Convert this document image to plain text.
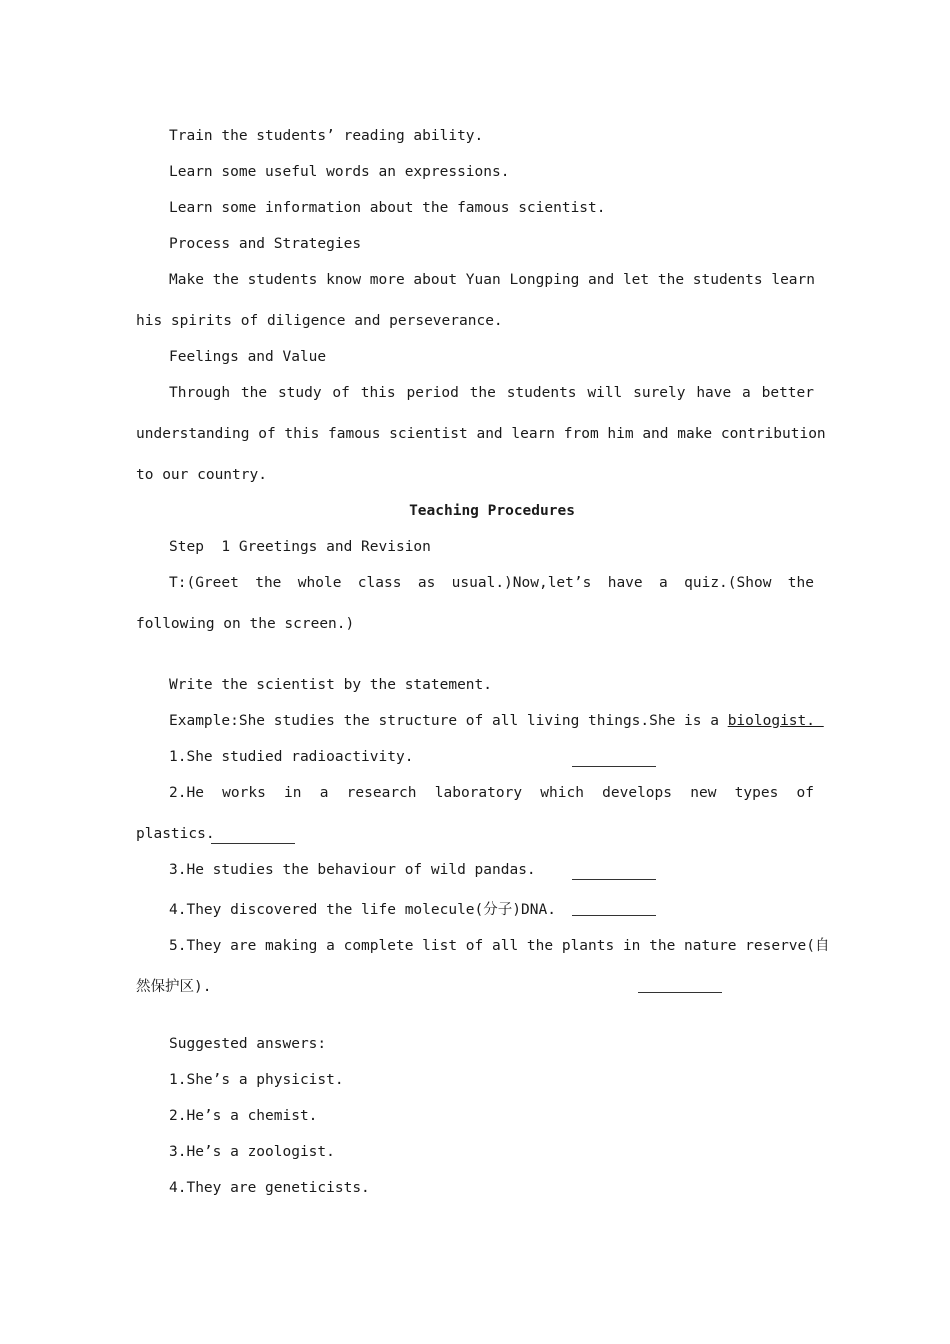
Train the students’ reading ability.
Learn some useful words an expressions.
Learn some information about the famous scientist.
Process and Strategies
Make the students know more about Yuan Longping and let the students learn
his spirits of diligence and perseverance.
Feelings and Value
Through the study of this period the students will surely have a better
understanding of this famous scientist and learn from him and make contribution
to our country.
Teaching Procedures
Step  1 Greetings and Revision
T:(Greet the whole class as usual.)Now,let’s have a quiz.(Show the
following on the screen.)
Write the scientist by the statement.
Example:She studies the structure of all living things.She is a biologist.
1.She studied radioactivity.
2.He works in a research laboratory which develops new types of
plastics.
3.He studies the behaviour of wild pandas.
4.They discovered the life molecule(分子)DNA.
5.They are making a complete list of all the plants in the nature reserve(自
然保护区).
Suggested answers:
1.She’s a physicist.
2.He’s a chemist.
3.He’s a zoologist.
4.They are geneticists.
